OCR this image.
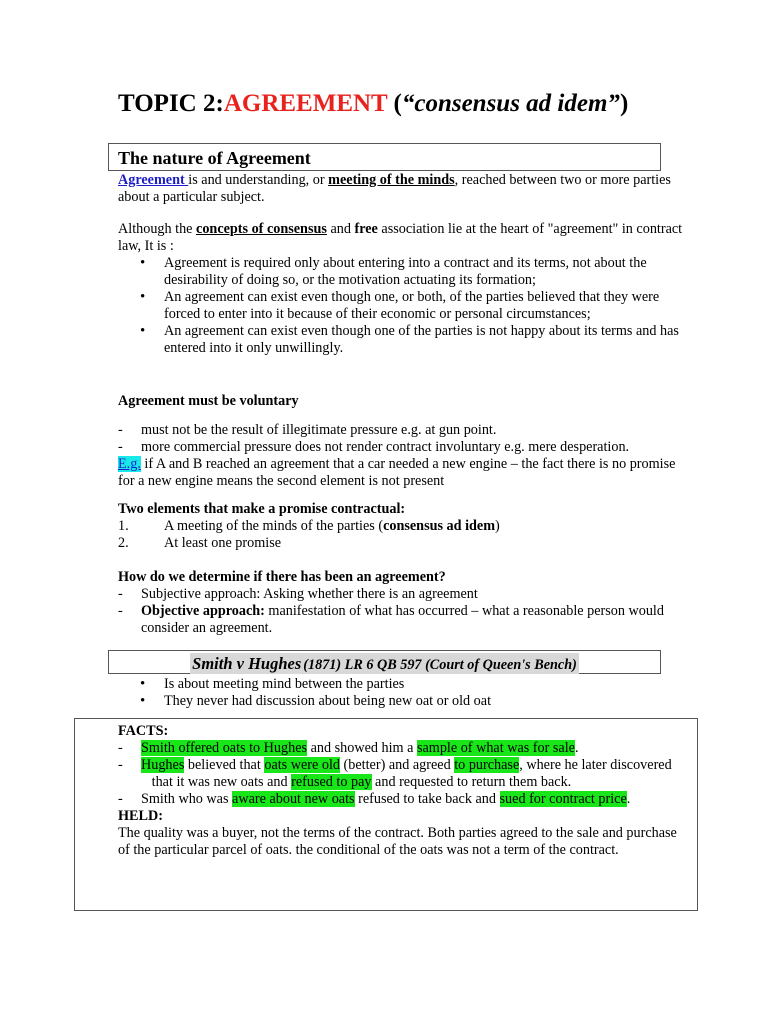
TOPIC 2:AGREEMENT (“consensus ad idem”)
The nature of Agreement
Agreement is and understanding, or meeting of the minds, reached between two or more parties about a particular subject.
Although the concepts of consensus and free association lie at the heart of "agreement" in contract law, It is :
• Agreement is required only about entering into a contract and its terms, not about the desirability of doing so, or the motivation actuating its formation;
• An agreement can exist even though one, or both, of the parties believed that they were forced to enter into it because of their economic or personal circumstances;
• An agreement can exist even though one of the parties is not happy about its terms and has entered into it only unwillingly.
Agreement must be voluntary
- must not be the result of illegitimate pressure e.g. at gun point.
- more commercial pressure does not render contract involuntary e.g. mere desperation.
E.g. if A and B reached an agreement that a car needed a new engine – the fact there is no promise for a new engine means the second element is not present
Two elements that make a promise contractual:
1. A meeting of the minds of the parties (consensus ad idem)
2. At least one promise
How do we determine if there has been an agreement?
- Subjective approach: Asking whether there is an agreement
- Objective approach: manifestation of what has occurred – what a reasonable person would consider an agreement.
Smith v Hughes(1871) LR 6 QB 597 (Court of Queen's Bench)
• Is about meeting mind between the parties
• They never had discussion about being new oat or old oat
FACTS:
- Smith offered oats to Hughes and showed him a sample of what was for sale.
- Hughes believed that oats were old (better) and agreed to purchase, where he later discovered    that it was new oats and refused to pay and requested to return them back.
- Smith who was aware about new oats refused to take back and sued for contract price.
HELD:
The quality was a buyer, not the terms of the contract. Both parties agreed to the sale and purchase of the particular parcel of oats. the conditional of the oats was not a term of the contract.
